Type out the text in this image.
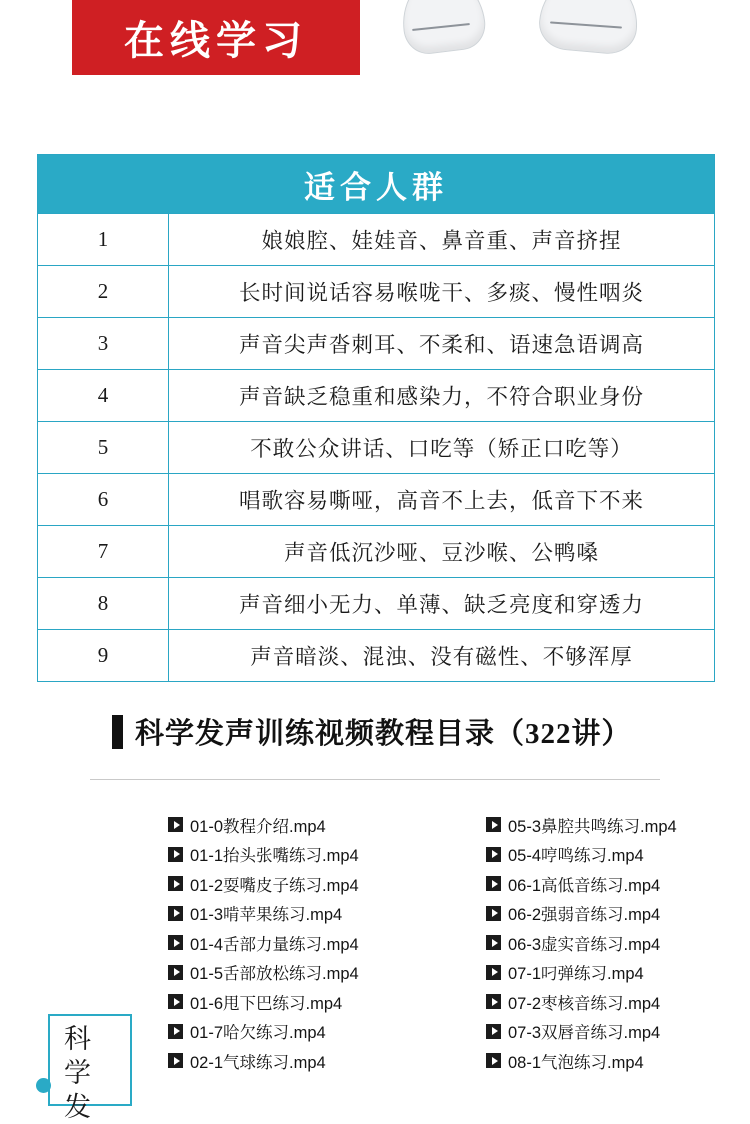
在线学习
适合人群	
1	娘娘腔、娃娃音、鼻音重、声音挤捏
2	长时间说话容易喉咙干、多痰、慢性咽炎
3	声音尖声沓刺耳、不柔和、语速急语调高
4	声音缺乏稳重和感染力，不符合职业身份
5	不敢公众讲话、口吃等（矫正口吃等）
6	唱歌容易嘶哑，高音不上去，低音下不来
7	声音低沉沙哑、豆沙喉、公鸭嗓
8	声音细小无力、单薄、缺乏亮度和穿透力
9	声音暗淡、混浊、没有磁性、不够浑厚
科学发声训练视频教程目录（322讲）
01-0教程介绍.mp4
01-1抬头张嘴练习.mp4
01-2耍嘴皮子练习.mp4
01-3啃苹果练习.mp4
01-4舌部力量练习.mp4
01-5舌部放松练习.mp4
01-6甩下巴练习.mp4
01-7哈欠练习.mp4
02-1气球练习.mp4
05-3鼻腔共鸣练习.mp4
05-4哼鸣练习.mp4
06-1高低音练习.mp4
06-2强弱音练习.mp4
06-3虚实音练习.mp4
07-1叼弹练习.mp4
07-2枣核音练习.mp4
07-3双唇音练习.mp4
08-1气泡练习.mp4
科学发
